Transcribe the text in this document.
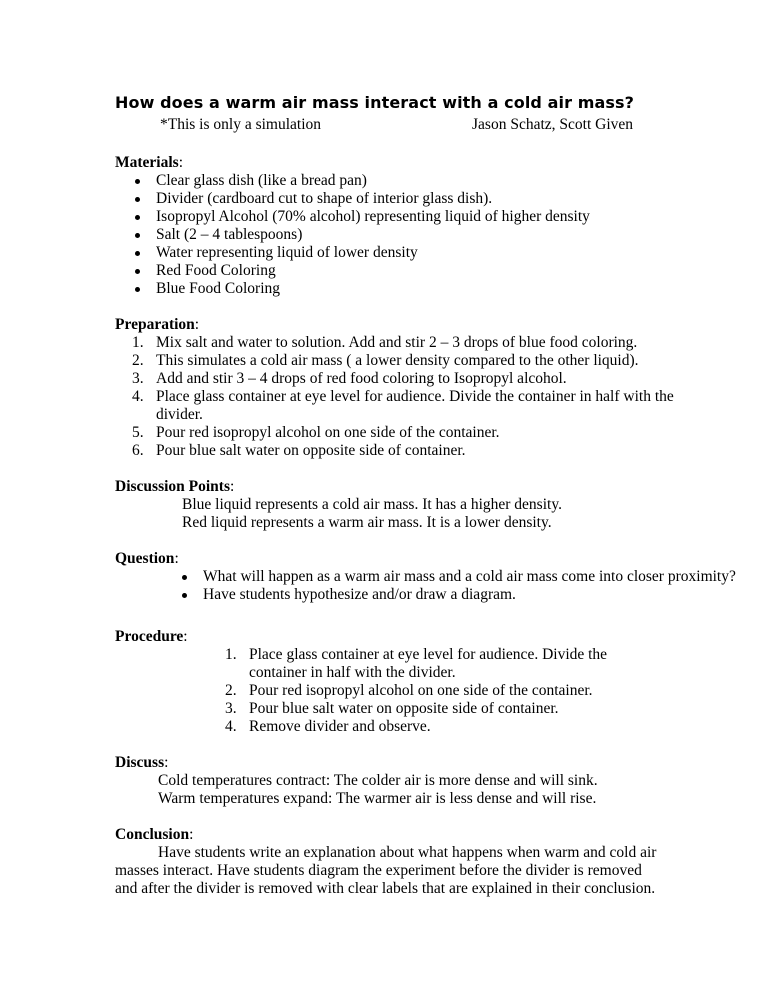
How does a warm air mass interact with a cold air mass?
*This is only a simulation	Jason Schatz, Scott Given
Materials:
Clear glass dish (like a bread pan)
Divider (cardboard cut to shape of interior glass dish).
Isopropyl Alcohol (70% alcohol) representing liquid of higher density
Salt (2 – 4 tablespoons)
Water representing liquid of lower density
Red Food Coloring
Blue Food Coloring
Preparation:
1. Mix salt and water to solution. Add and stir 2 – 3 drops of blue food coloring.
2. This simulates a cold air mass ( a lower density compared to the other liquid).
3. Add and stir 3 – 4 drops of red food coloring to Isopropyl alcohol.
4. Place glass container at eye level for audience. Divide the container in half with the divider.
5. Pour red isopropyl alcohol on one side of the container.
6. Pour blue salt water on opposite side of container.
Discussion Points:
Blue liquid represents a cold air mass. It has a higher density.
Red liquid represents a warm air mass. It is a lower density.
Question:
What will happen as a warm air mass and a cold air mass come into closer proximity?
Have students hypothesize and/or draw a diagram.
Procedure:
1. Place glass container at eye level for audience. Divide the container in half with the divider.
2. Pour red isopropyl alcohol on one side of the container.
3. Pour blue salt water on opposite side of container.
4. Remove divider and observe.
Discuss:
Cold temperatures contract: The colder air is more dense and will sink.
Warm temperatures expand: The warmer air is less dense and will rise.
Conclusion:
Have students write an explanation about what happens when warm and cold air masses interact. Have students diagram the experiment before the divider is removed and after the divider is removed with clear labels that are explained in their conclusion.
